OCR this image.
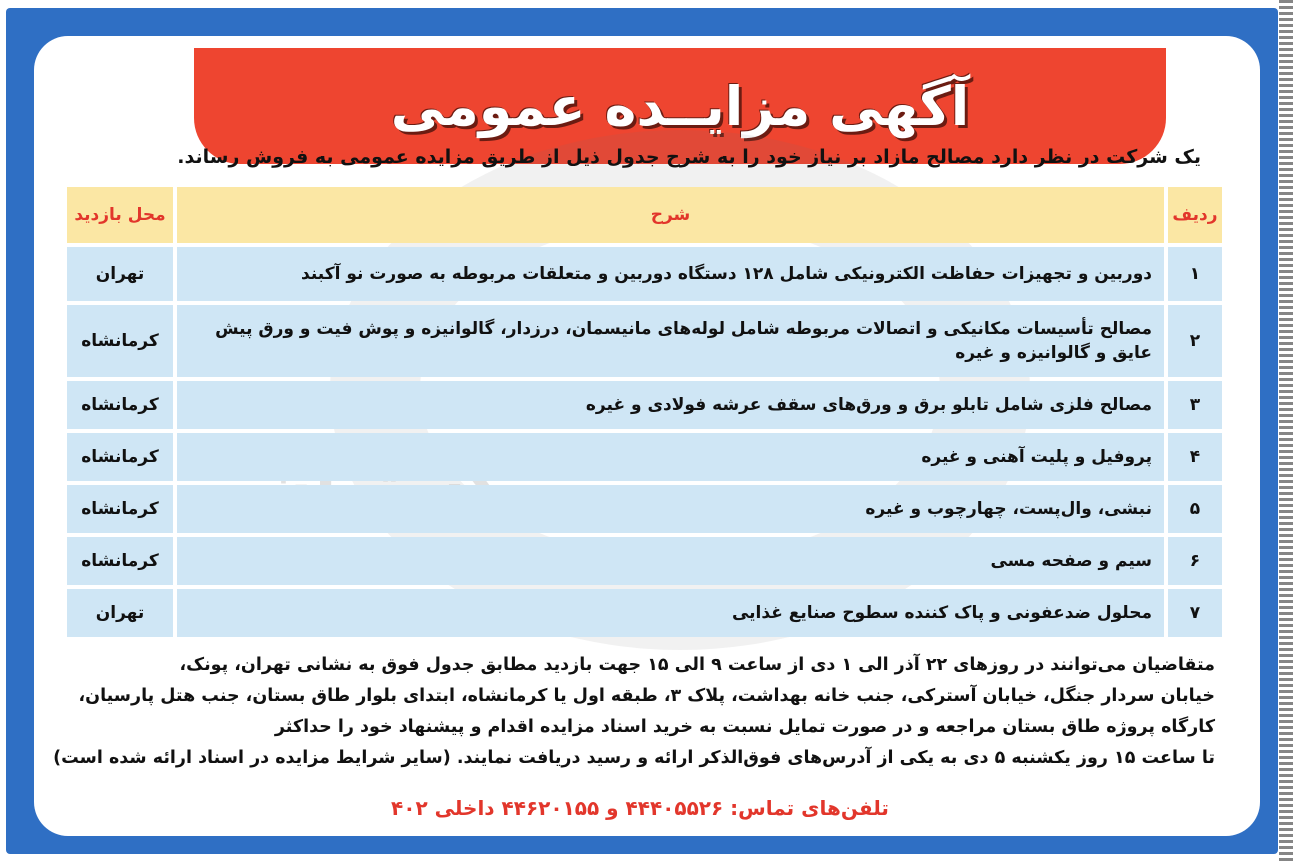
آگهی مزایــده عمومی
یک شرکت در نظر دارد مصالح مازاد بر نیاز خود را به شرح جدول ذیل از طریق مزایده عمومی به فروش رساند.
ردیف	شرح	محل بازدید
۱	دوربین و تجهیزات حفاظت الکترونیکی شامل ۱۲۸ دستگاه دوربین و متعلقات مربوطه به صورت نو آکبند	تهران
۲	مصالح تأسیسات مکانیکی و اتصالات مربوطه شامل لوله‌های مانیسمان، درزدار، گالوانیزه و پوش فیت و ورق پیش عایق و گالوانیزه و غیره	کرمانشاه
۳	مصالح فلزی شامل تابلو برق و ورق‌های سقف عرشه فولادی و غیره	کرمانشاه
۴	پروفیل و پلیت آهنی و غیره	کرمانشاه
۵	نبشی، وال‌پست، چهارچوب و غیره	کرمانشاه
۶	سیم و صفحه مسی	کرمانشاه
۷	محلول ضدعفونی و پاک کننده سطوح صنایع غذایی	تهران
متقاضیان می‌توانند در روزهای ۲۲ آذر الی ۱ دی از ساعت ۹ الی ۱۵ جهت بازدید مطابق جدول فوق به نشانی تهران، پونک،
خیابان سردار جنگل، خیابان آسترکی، جنب خانه بهداشت، پلاک ۳، طبقه اول یا کرمانشاه، ابتدای بلوار طاق بستان، جنب هتل پارسیان،
کارگاه پروژه طاق بستان مراجعه و در صورت تمایل نسبت به خرید اسناد مزایده اقدام و پیشنهاد خود را حداکثر
تا ساعت ۱۵ روز یکشنبه ۵ دی به یکی از آدرس‌های فوق‌الذکر ارائه و رسید دریافت نمایند. (سایر شرایط مزایده در اسناد ارائه شده است)
تلفن‌های تماس: ۴۴۴۰۵۵۲۶ و ۴۴۶۲۰۱۵۵ داخلی ۴۰۲
